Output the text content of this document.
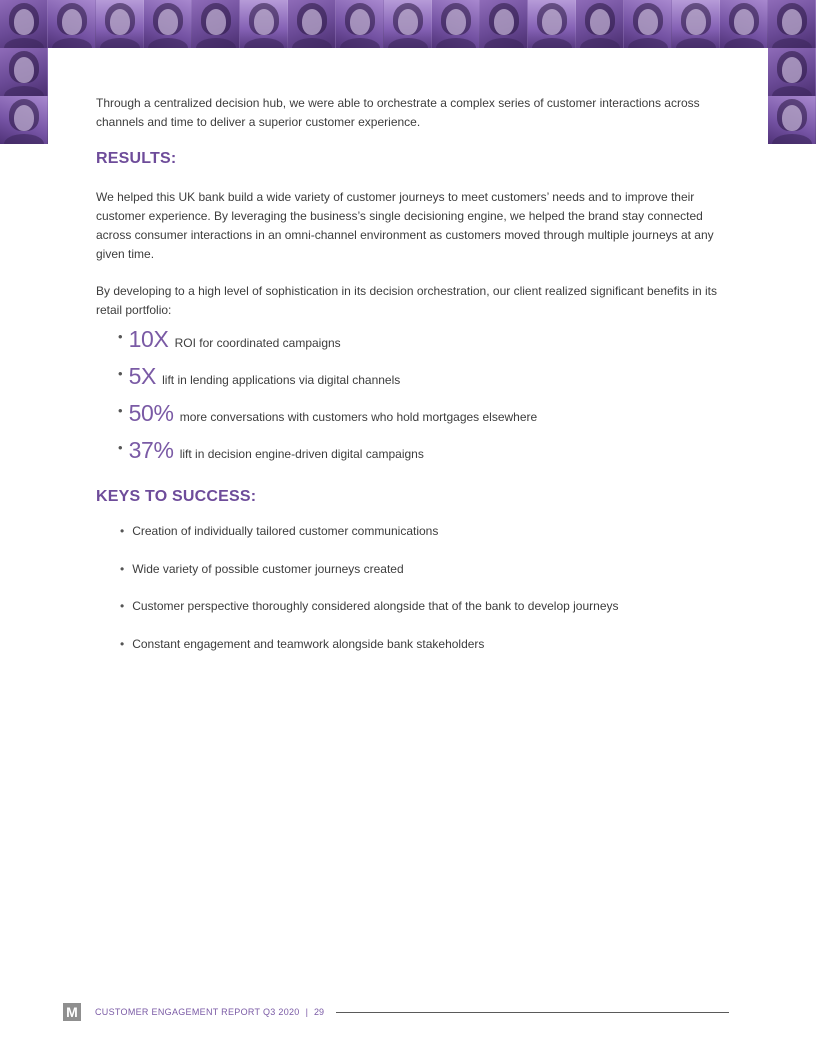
Through a centralized decision hub, we were able to orchestrate a complex series of customer interactions across channels and time to deliver a superior customer experience.

RESULTS:

We helped this UK bank build a wide variety of customer journeys to meet customers’ needs and to improve their customer experience. By leveraging the business’s single decisioning engine, we helped the brand stay connected across consumer interactions in an omni-channel environment as customers moved through multiple journeys at any given time.

By developing to a high level of sophistication in its decision orchestration, our client realized significant benefits in its retail portfolio:

• 10X ROI for coordinated campaigns
• 5X lift in lending applications via digital channels
• 50% more conversations with customers who hold mortgages elsewhere
• 37% lift in decision engine-driven digital campaigns
KEYS TO SUCCESS:
• Creation of individually tailored customer communications
• Wide variety of possible customer journeys created
• Customer perspective thoroughly considered alongside that of the bank to develop journeys
• Constant engagement and teamwork alongside bank stakeholders
M	CUSTOMER ENGAGEMENT REPORT Q3 2020 | 29
